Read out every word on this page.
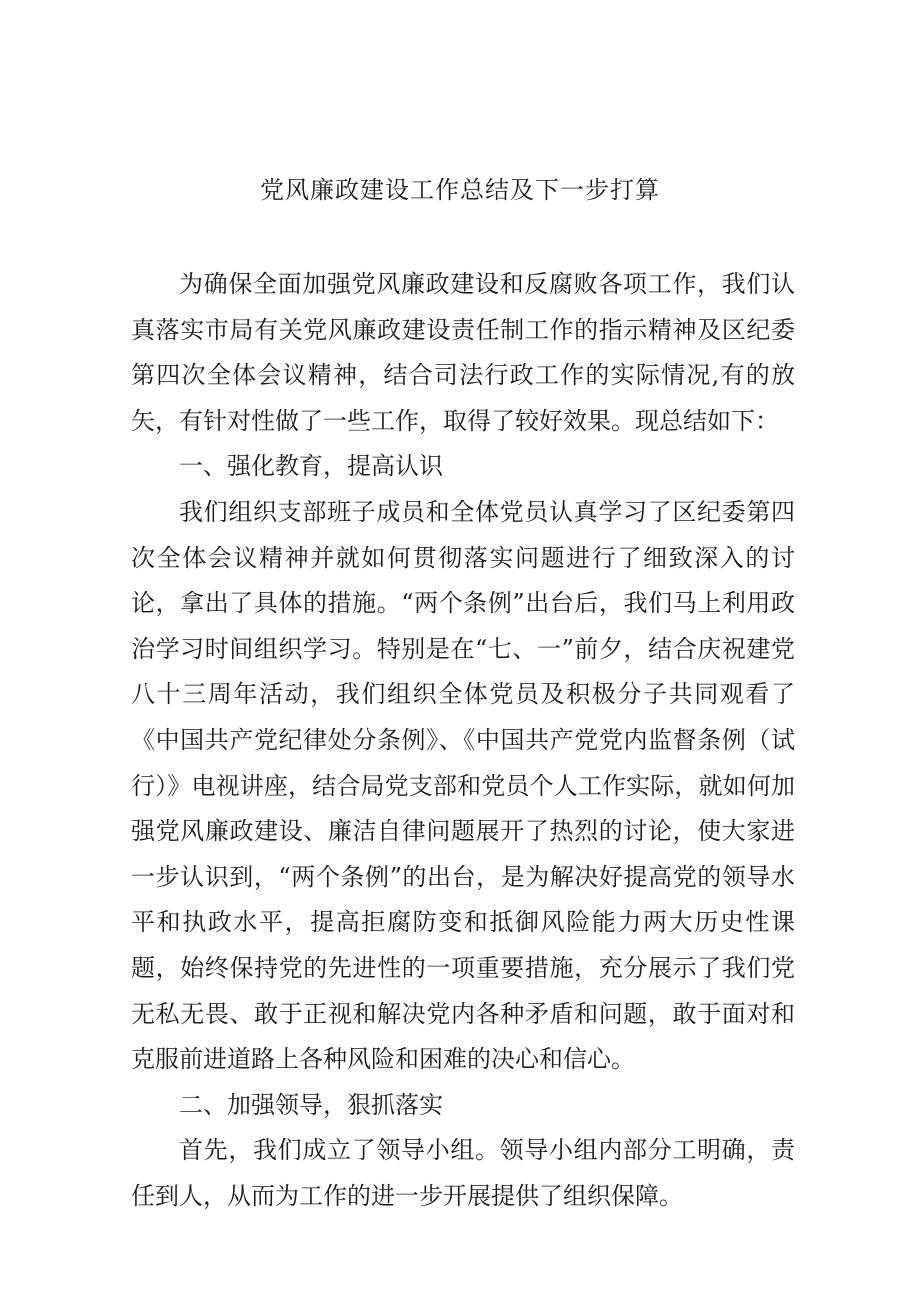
党风廉政建设工作总结及下一步打算

为确保全面加强党风廉政建设和反腐败各项工作，我们认真落实市局有关党风廉政建设责任制工作的指示精神及区纪委第四次全体会议精神，结合司法行政工作的实际情况,有的放矢，有针对性做了一些工作，取得了较好效果。现总结如下：

一、强化教育，提高认识

我们组织支部班子成员和全体党员认真学习了区纪委第四次全体会议精神并就如何贯彻落实问题进行了细致深入的讨论，拿出了具体的措施。“两个条例”出台后，我们马上利用政治学习时间组织学习。特别是在“七、一”前夕，结合庆祝建党八十三周年活动，我们组织全体党员及积极分子共同观看了《中国共产党纪律处分条例》、《中国共产党党内监督条例（试行）》电视讲座，结合局党支部和党员个人工作实际，就如何加强党风廉政建设、廉洁自律问题展开了热烈的讨论，使大家进一步认识到，“两个条例”的出台，是为解决好提高党的领导水平和执政水平，提高拒腐防变和抵御风险能力两大历史性课题，始终保持党的先进性的一项重要措施，充分展示了我们党无私无畏、敢于正视和解决党内各种矛盾和问题，敢于面对和克服前进道路上各种风险和困难的决心和信心。

二、加强领导，狠抓落实

首先，我们成立了领导小组。领导小组内部分工明确，责任到人，从而为工作的进一步开展提供了组织保障。
